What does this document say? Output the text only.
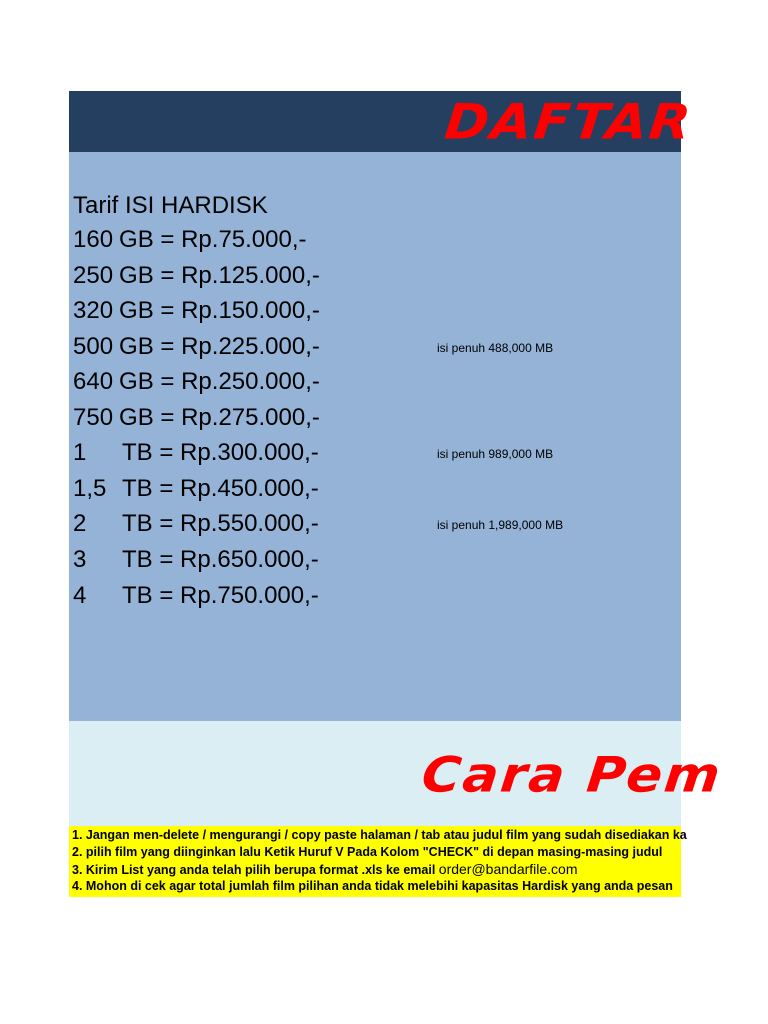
DAFTAR
Tarif ISI HARDISK
160 GB = Rp.75.000,-
250 GB = Rp.125.000,-
320 GB = Rp.150.000,-
500 GB = Rp.225.000,-
640 GB = Rp.250.000,-
750 GB = Rp.275.000,-
1 TB = Rp.300.000,-
1,5 TB = Rp.450.000,-
2 TB = Rp.550.000,-
3 TB = Rp.650.000,-
4 TB = Rp.750.000,-
isi penuh 488,000 MB
isi penuh 989,000 MB
isi penuh 1,989,000 MB
Cara Pem
1. Jangan men-delete / mengurangi / copy paste halaman / tab atau judul film yang sudah disediakan ka
2. pilih film yang diinginkan lalu Ketik Huruf V Pada Kolom "CHECK" di depan masing-masing judul
3. Kirim List yang anda telah pilih berupa format .xls ke email order@bandarfile.com
4. Mohon di cek agar total jumlah film pilihan anda tidak melebihi kapasitas Hardisk yang anda pesan
